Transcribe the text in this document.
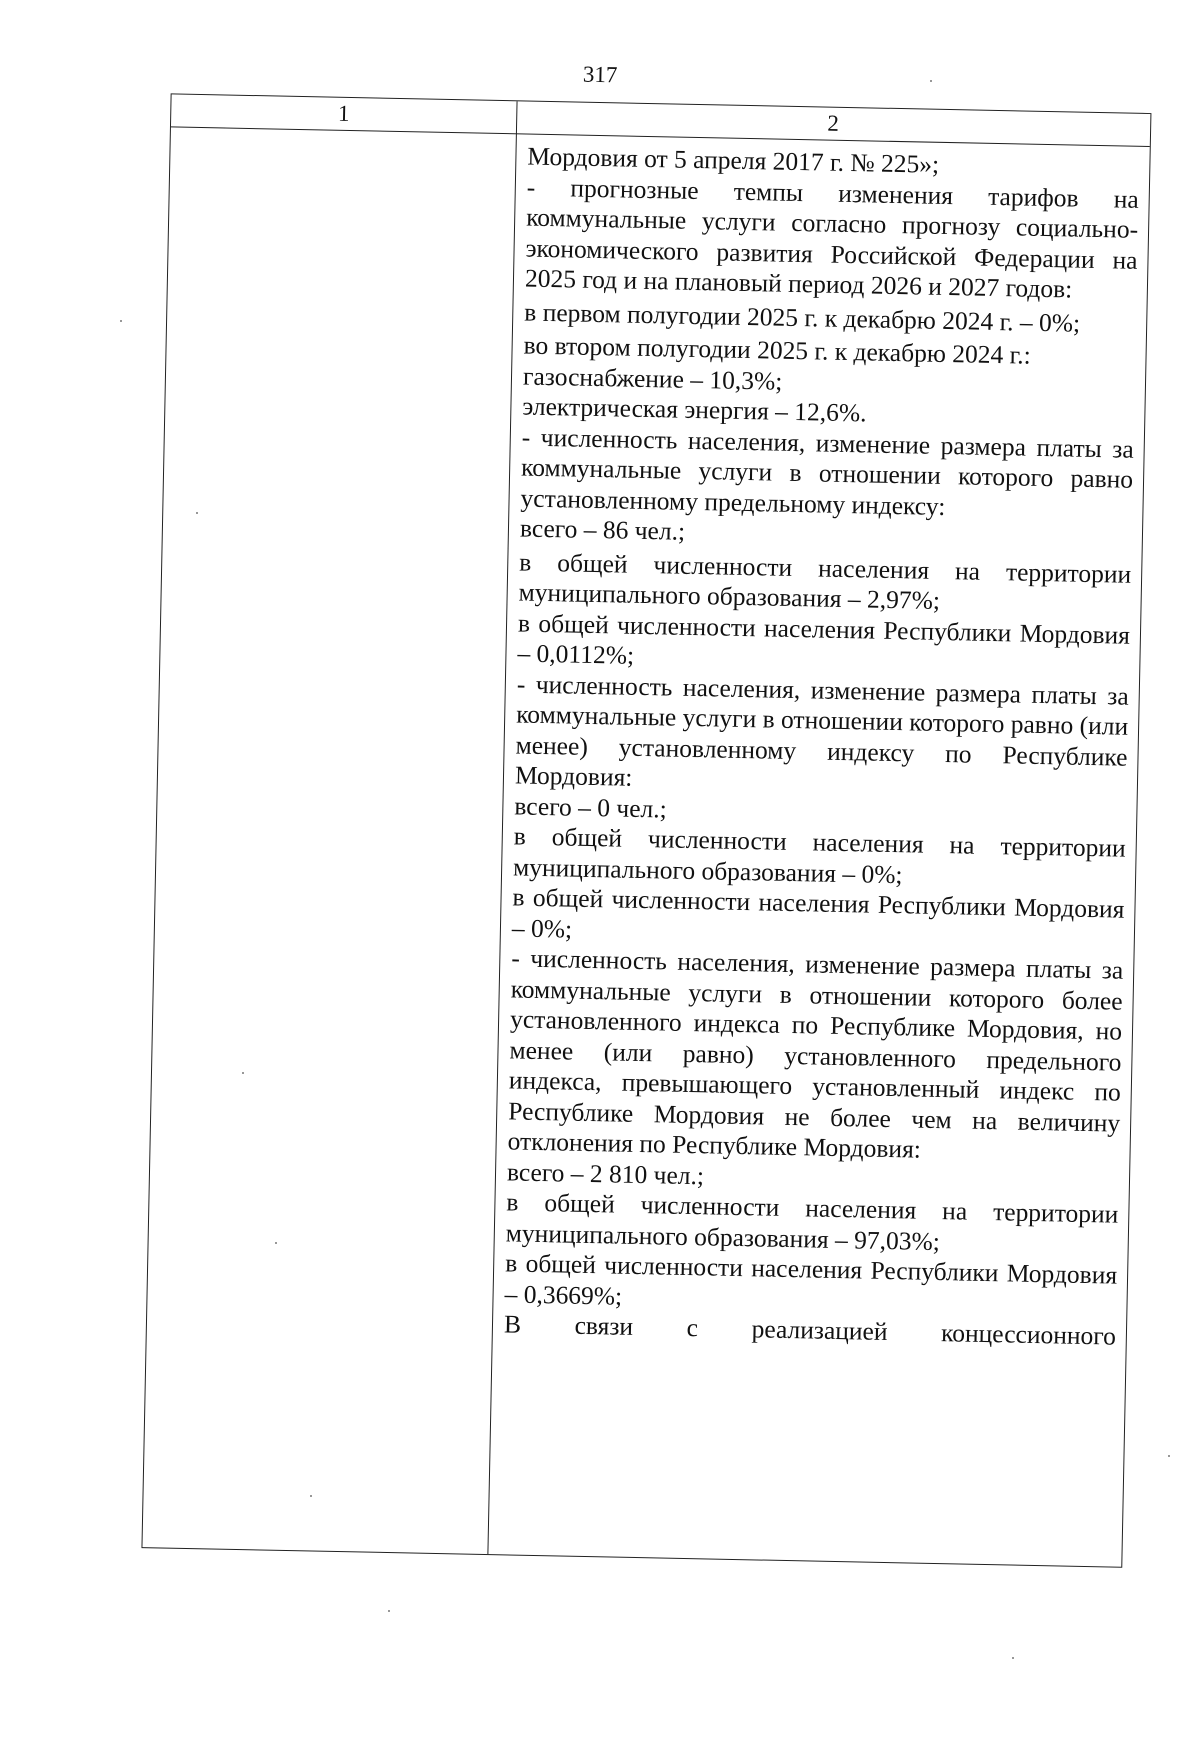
317
1	2

Мордовия от 5 апреля 2017 г. № 225»;

- прогнозные темпы изменения тарифов на коммунальные услуги согласно прогнозу социально-экономического развития Российской Федерации на 2025 год и на плановый период 2026 и 2027 годов:

в первом полугодии 2025 г. к декабрю 2024 г. – 0%;

во втором полугодии 2025 г. к декабрю 2024 г.:

газоснабжение – 10,3%;

электрическая энергия – 12,6%.

- численность населения, изменение размера платы за коммунальные услуги в отношении которого равно установленному предельному индексу:

всего – 86 чел.;

в общей численности населения на территории муниципального образования – 2,97%;

в общей численности населения Республики Мордовия – 0,0112%;

- численность населения, изменение размера платы за коммунальные услуги в отношении которого равно (или менее) установленному индексу по Республике Мордовия:

всего – 0 чел.;

в общей численности населения на территории муниципального образования – 0%;

в общей численности населения Республики Мордовия – 0%;

- численность населения, изменение размера платы за коммунальные услуги в отношении которого более установленного индекса по Республике Мордовия, но менее (или равно) установленного предельного индекса, превышающего установленный индекс по Республике Мордовия не более чем на величину отклонения по Республике Мордовия:

всего – 2 810 чел.;

в общей численности населения на территории муниципального образования – 97,03%;

в общей численности населения Республики Мордовия – 0,3669%;

В связи с реализацией концессионного
